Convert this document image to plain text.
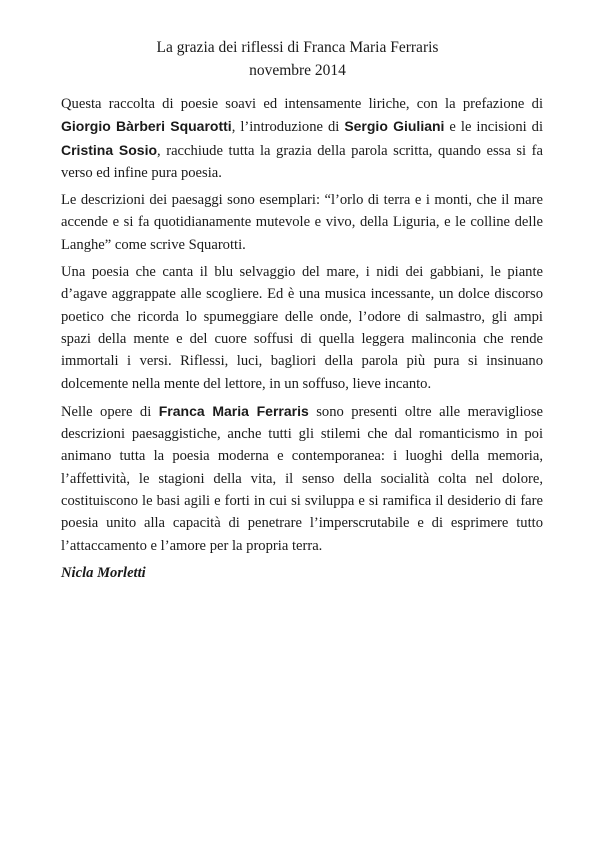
La grazia dei riflessi di Franca Maria Ferraris
novembre 2014

Questa raccolta di poesie soavi ed intensamente liriche, con la prefazione di Giorgio Bàrberi Squarotti, l’introduzione di Sergio Giuliani e le incisioni di Cristina Sosio, racchiude tutta la grazia della parola scritta, quando essa si fa verso ed infine pura poesia.

Le descrizioni dei paesaggi sono esemplari: “l’orlo di terra e i monti, che il mare accende e si fa quotidianamente mutevole e vivo, della Liguria, e le colline delle Langhe” come scrive Squarotti.

Una poesia che canta il blu selvaggio del mare, i nidi dei gabbiani, le piante d’agave aggrappate alle scogliere. Ed è una musica incessante, un dolce discorso poetico che ricorda lo spumeggiare delle onde, l’odore di salmastro, gli ampi spazi della mente e del cuore soffusi di quella leggera malinconia che rende immortali i versi. Riflessi, luci, bagliori della parola più pura si insinuano dolcemente nella mente del lettore, in un soffuso, lieve incanto.

Nelle opere di Franca Maria Ferraris sono presenti oltre alle meravigliose descrizioni paesaggistiche, anche tutti gli stilemi che dal romanticismo in poi animano tutta la poesia moderna e contemporanea: i luoghi della memoria, l’affettività, le stagioni della vita, il senso della socialità colta nel dolore, costituiscono le basi agili e forti in cui si sviluppa e si ramifica il desiderio di fare poesia unito alla capacità di penetrare l’imperscrutabile e di esprimere tutto l’attaccamento e l’amore per la propria terra.

Nicla Morletti
